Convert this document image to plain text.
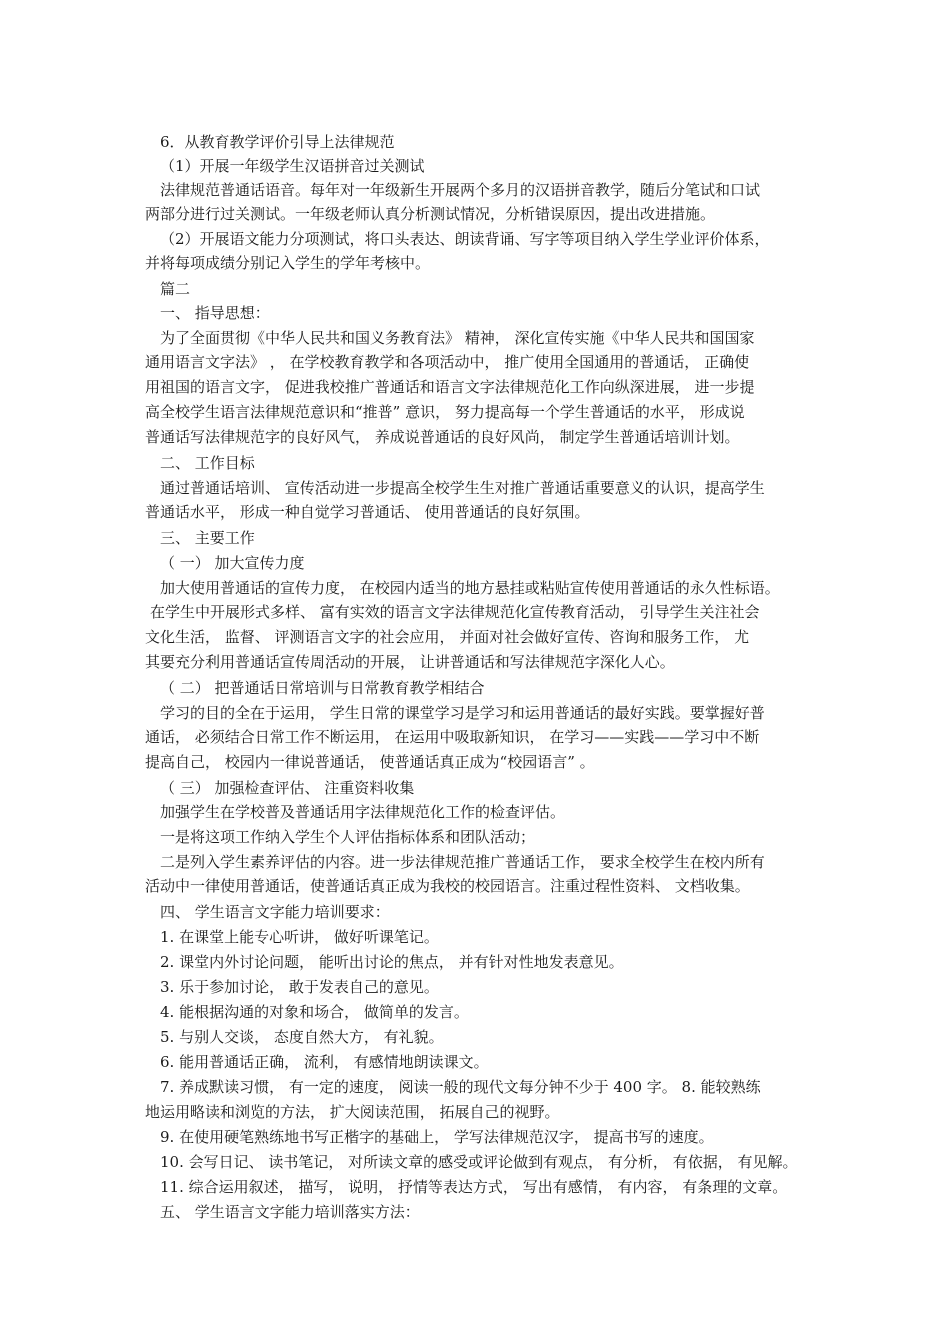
6．从教育教学评价引导上法律规范
（1）开展一年级学生汉语拼音过关测试
法律规范普通话语音。每年对一年级新生开展两个多月的汉语拼音教学，随后分笔试和口试
两部分进行过关测试。一年级老师认真分析测试情况，分析错误原因，提出改进措施。
（2）开展语文能力分项测试，将口头表达、朗读背诵、写字等项目纳入学生学业评价体系，
并将每项成绩分别记入学生的学年考核中。
篇二
一、 指导思想：
为了全面贯彻《中华人民共和国义务教育法》 精神， 深化宣传实施《中华人民共和国国家
通用语言文字法》 ， 在学校教育教学和各项活动中， 推广使用全国通用的普通话， 正确使
用祖国的语言文字， 促进我校推广普通话和语言文字法律规范化工作向纵深进展， 进一步提
高全校学生语言法律规范意识和“推普” 意识， 努力提高每一个学生普通话的水平， 形成说
普通话写法律规范字的良好风气， 养成说普通话的良好风尚， 制定学生普通话培训计划。
二、 工作目标
通过普通话培训、 宣传活动进一步提高全校学生生对推广普通话重要意义的认识，提高学生
普通话水平， 形成一种自觉学习普通话、 使用普通话的良好氛围。
三、 主要工作
（ 一） 加大宣传力度
加大使用普通话的宣传力度， 在校园内适当的地方悬挂或粘贴宣传使用普通话的永久性标语。
在学生中开展形式多样、 富有实效的语言文字法律规范化宣传教育活动， 引导学生关注社会
文化生活， 监督、 评测语言文字的社会应用， 并面对社会做好宣传、咨询和服务工作， 尤
其要充分利用普通话宣传周活动的开展， 让讲普通话和写法律规范字深化人心。
（ 二） 把普通话日常培训与日常教育教学相结合
学习的目的全在于运用， 学生日常的课堂学习是学习和运用普通话的最好实践。要掌握好普
通话， 必须结合日常工作不断运用， 在运用中吸取新知识， 在学习——实践——学习中不断
提高自己， 校园内一律说普通话， 使普通话真正成为“校园语言” 。
（ 三） 加强检查评估、 注重资料收集
加强学生在学校普及普通话用字法律规范化工作的检查评估。
一是将这项工作纳入学生个人评估指标体系和团队活动；
二是列入学生素养评估的内容。进一步法律规范推广普通话工作， 要求全校学生在校内所有
活动中一律使用普通话，使普通话真正成为我校的校园语言。注重过程性资料、 文档收集。
四、 学生语言文字能力培训要求：
1. 在课堂上能专心听讲， 做好听课笔记。
2. 课堂内外讨论问题， 能听出讨论的焦点， 并有针对性地发表意见。
3. 乐于参加讨论， 敢于发表自己的意见。
4. 能根据沟通的对象和场合， 做简单的发言。
5. 与别人交谈， 态度自然大方， 有礼貌。
6. 能用普通话正确， 流利， 有感情地朗读课文。
7. 养成默读习惯， 有一定的速度， 阅读一般的现代文每分钟不少于 400 字。 8. 能较熟练
地运用略读和浏览的方法， 扩大阅读范围， 拓展自己的视野。
9. 在使用硬笔熟练地书写正楷字的基础上， 学写法律规范汉字， 提高书写的速度。
10. 会写日记、 读书笔记， 对所读文章的感受或评论做到有观点， 有分析， 有依据， 有见解。
11. 综合运用叙述， 描写， 说明， 抒情等表达方式， 写出有感情， 有内容， 有条理的文章。
五、 学生语言文字能力培训落实方法：
